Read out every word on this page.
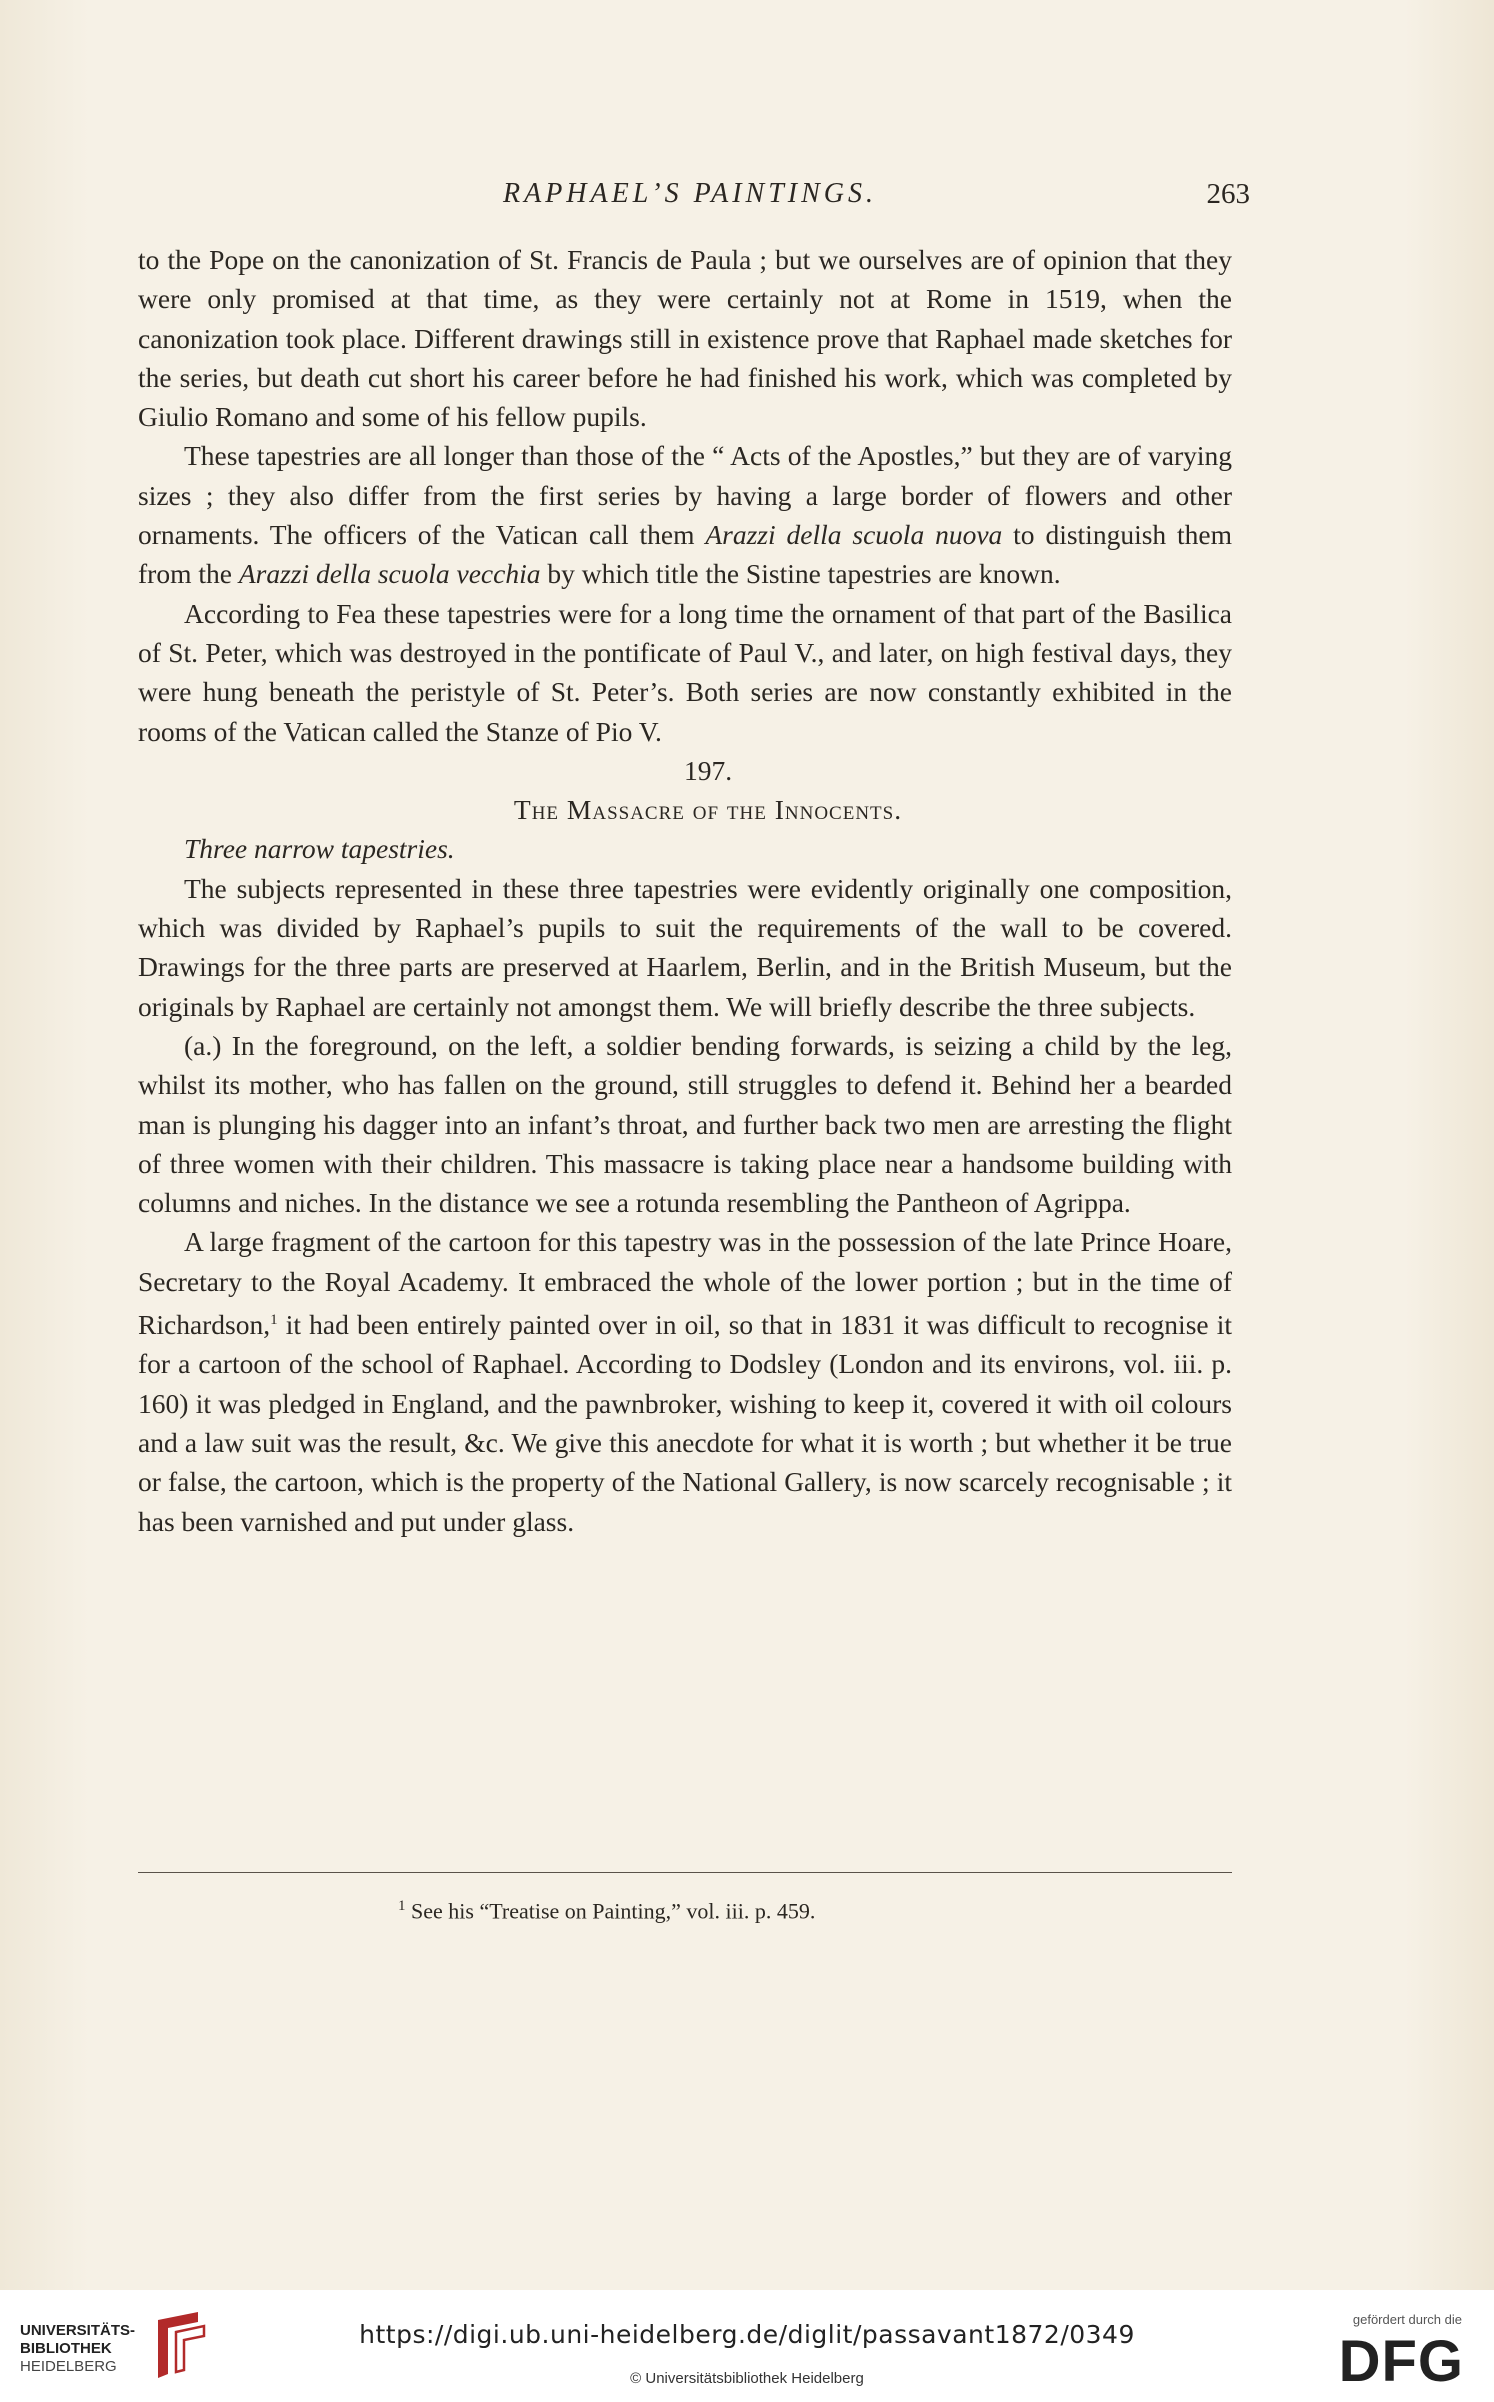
RAPHAEL’S PAINTINGS.	263

to the Pope on the canonization of St. Francis de Paula ; but we ourselves are of opinion that they were only promised at that time, as they were certainly not at Rome in 1519, when the canonization took place. Different drawings still in existence prove that Raphael made sketches for the series, but death cut short his career before he had finished his work, which was completed by Giulio Romano and some of his fellow pupils.

These tapestries are all longer than those of the “ Acts of the Apostles,” but they are of varying sizes ; they also differ from the first series by having a large border of flowers and other ornaments. The officers of the Vatican call them Arazzi della scuola nuova to distinguish them from the Arazzi della scuola vecchia by which title the Sistine tapestries are known.

According to Fea these tapestries were for a long time the ornament of that part of the Basilica of St. Peter, which was destroyed in the pontificate of Paul V., and later, on high festival days, they were hung beneath the peristyle of St. Peter’s. Both series are now constantly exhibited in the rooms of the Vatican called the Stanze of Pio V.

197.

The Massacre of the Innocents.

Three narrow tapestries.

The subjects represented in these three tapestries were evidently originally one composition, which was divided by Raphael’s pupils to suit the requirements of the wall to be covered. Drawings for the three parts are preserved at Haarlem, Berlin, and in the British Museum, but the originals by Raphael are certainly not amongst them. We will briefly describe the three subjects.

(a.) In the foreground, on the left, a soldier bending forwards, is seizing a child by the leg, whilst its mother, who has fallen on the ground, still struggles to defend it. Behind her a bearded man is plunging his dagger into an infant’s throat, and further back two men are arresting the flight of three women with their children. This massacre is taking place near a handsome building with columns and niches. In the distance we see a rotunda resembling the Pantheon of Agrippa.

A large fragment of the cartoon for this tapestry was in the possession of the late Prince Hoare, Secretary to the Royal Academy. It embraced the whole of the lower portion ; but in the time of Richardson,$^1$ it had been entirely painted over in oil, so that in 1831 it was difficult to recognise it for a cartoon of the school of Raphael. According to Dodsley (London and its environs, vol. iii. p. 160) it was pledged in England, and the pawnbroker, wishing to keep it, covered it with oil colours and a law suit was the result, &c. We give this anecdote for what it is worth ; but whether it be true or false, the cartoon, which is the property of the National Gallery, is now scarcely recognisable ; it has been varnished and put under glass.

$^1$ See his “Treatise on Painting,” vol. iii. p. 459.
UNIVERSITÄTS-
BIBLIOTHEK
HEIDELBERG
https://digi.ub.uni-heidelberg.de/diglit/passavant1872/0349
© Universitätsbibliothek Heidelberg
gefördert durch die
DFG
